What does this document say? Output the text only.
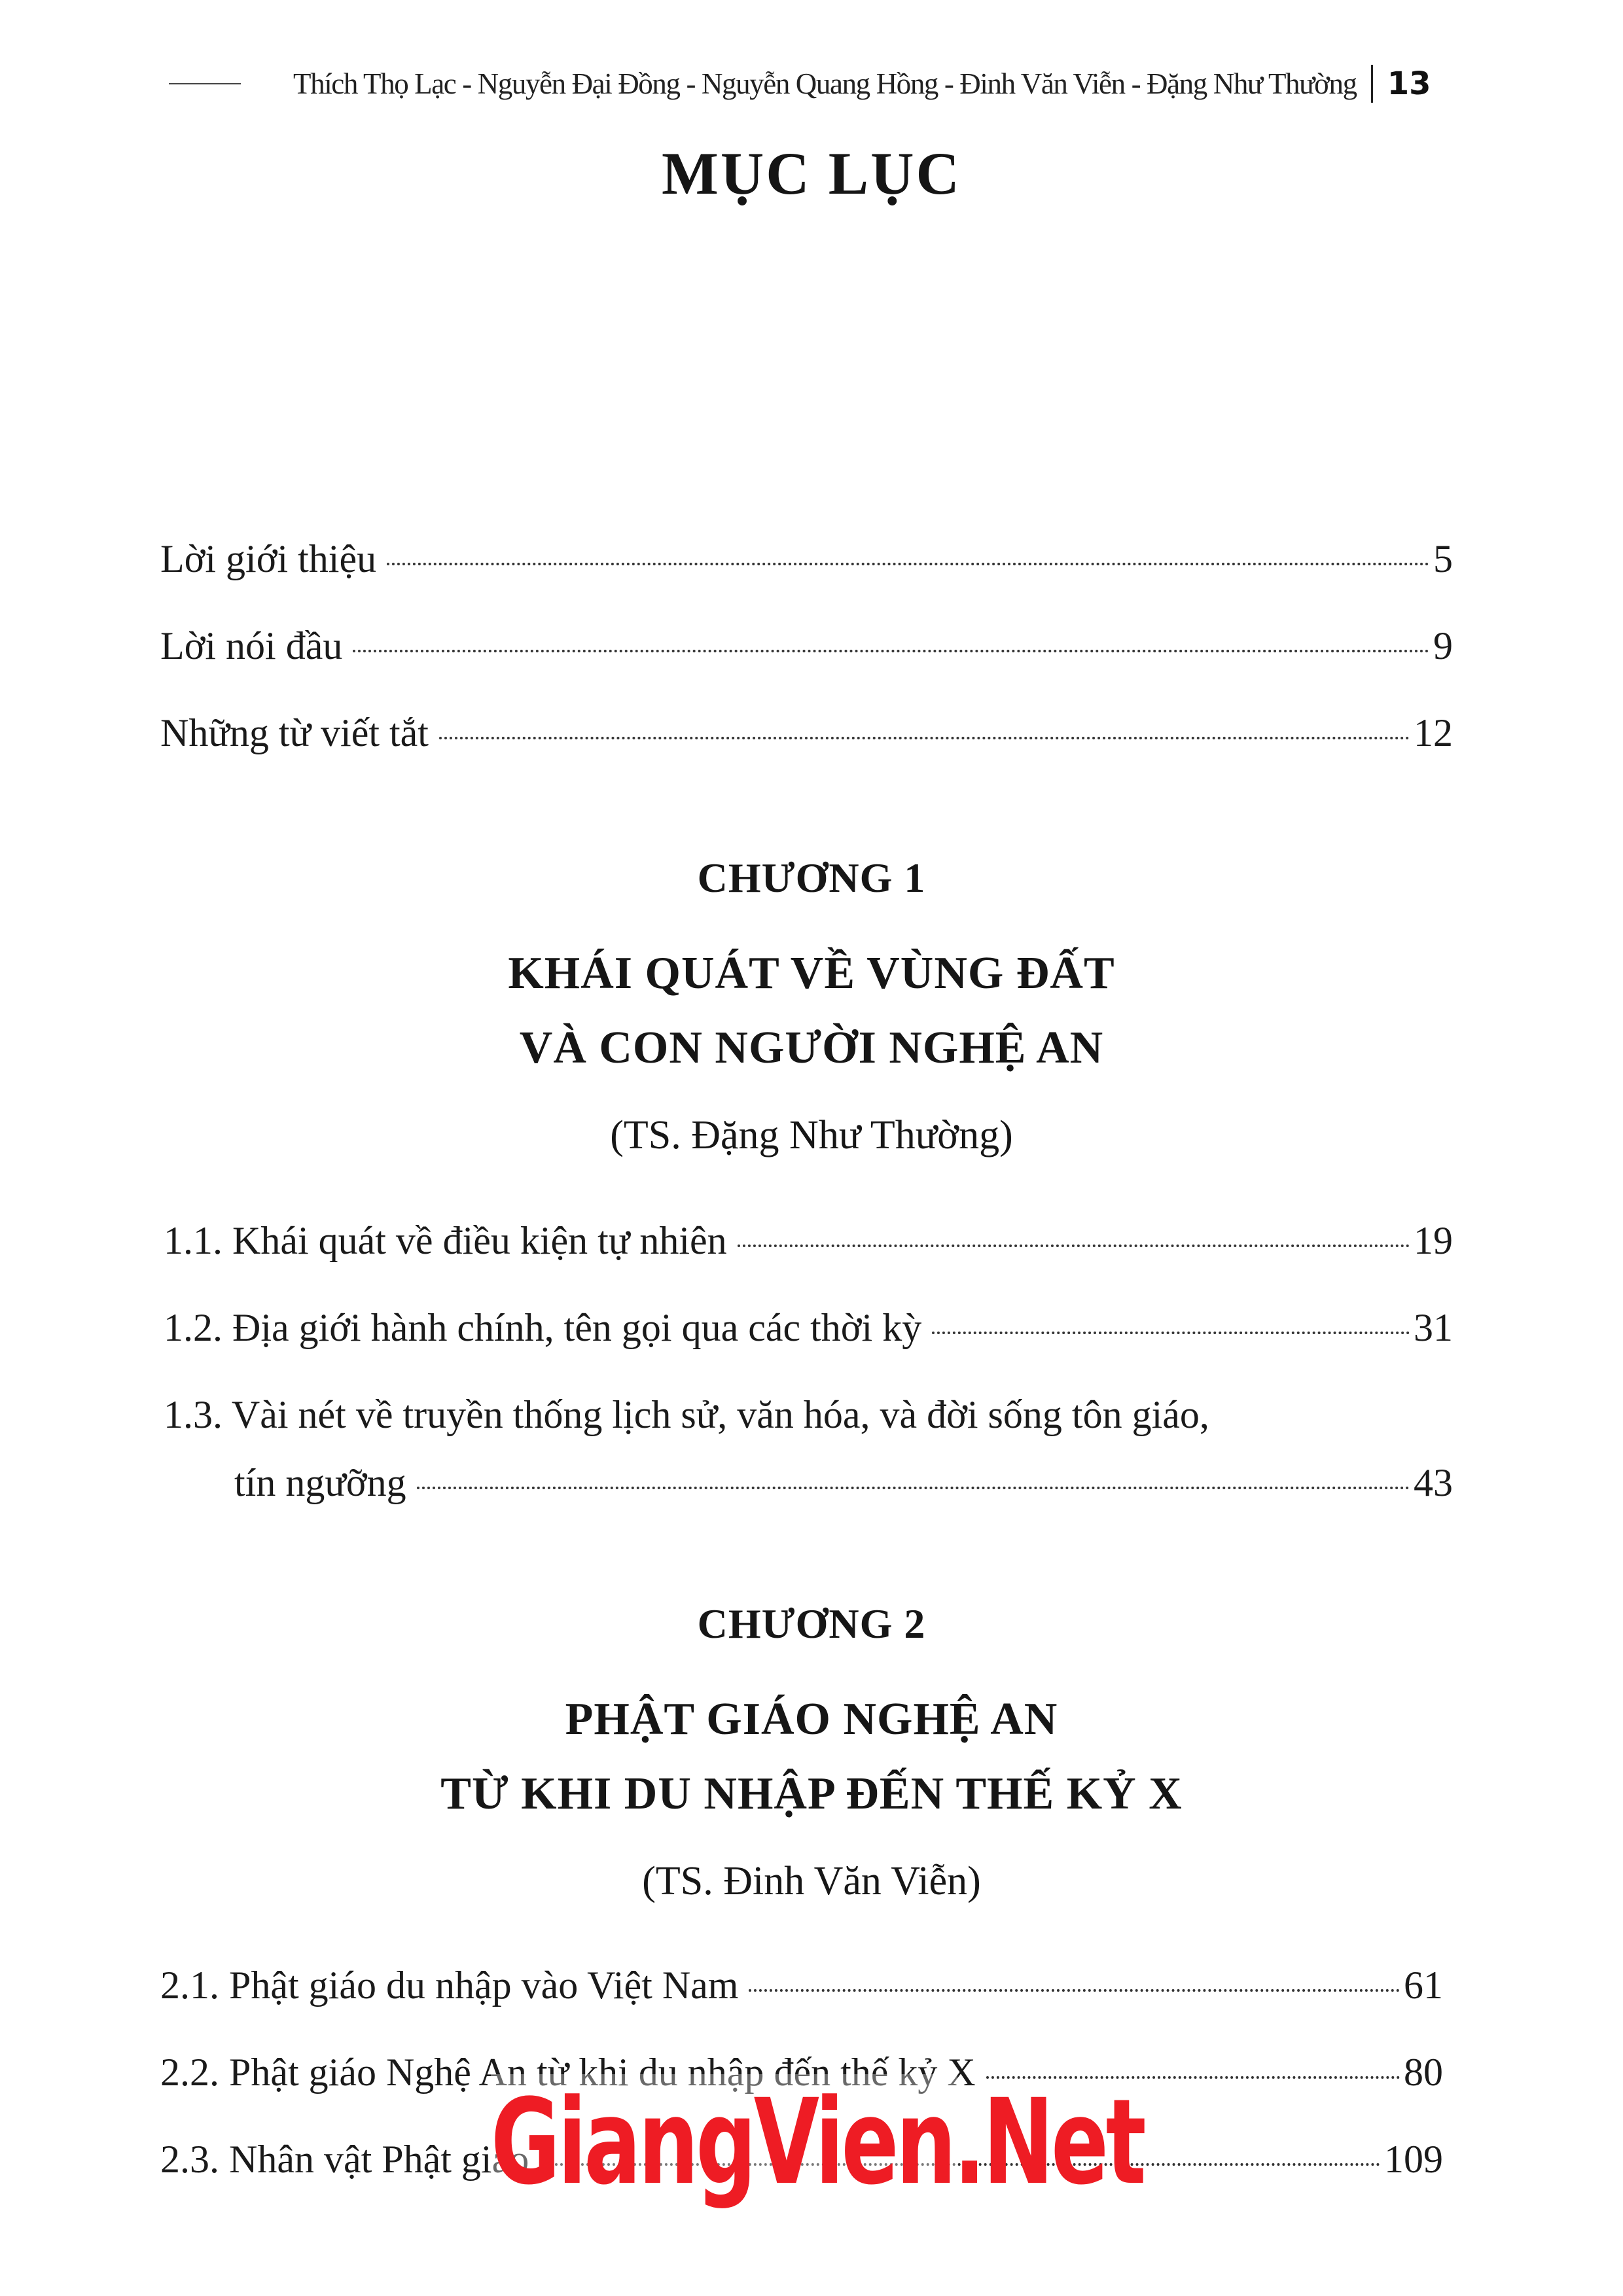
Thích Thọ Lạc - Nguyễn Đại Đồng - Nguyễn Quang Hồng - Đinh Văn Viễn - Đặng Như Thường 13
MỤC LỤC
Lời giới thiệu	5
Lời nói đầu	9
Những từ viết tắt	12
CHƯƠNG 1
KHÁI QUÁT VỀ VÙNG ĐẤT
VÀ CON NGƯỜI NGHỆ AN
(TS. Đặng Như Thường)
1.1. Khái quát về điều kiện tự nhiên	19
1.2. Địa giới hành chính, tên gọi qua các thời kỳ	31
1.3. Vài nét về truyền thống lịch sử, văn hóa, và đời sống tôn giáo,
tín ngưỡng	43
CHƯƠNG 2
PHẬT GIÁO NGHỆ AN
TỪ KHI DU NHẬP ĐẾN THẾ KỶ X
(TS. Đinh Văn Viễn)
2.1. Phật giáo du nhập vào Việt Nam	61
2.2. Phật giáo Nghệ An từ khi du nhập đến thế kỷ X	80
2.3. Nhân vật Phật giáo	109
GiangVien.Net
